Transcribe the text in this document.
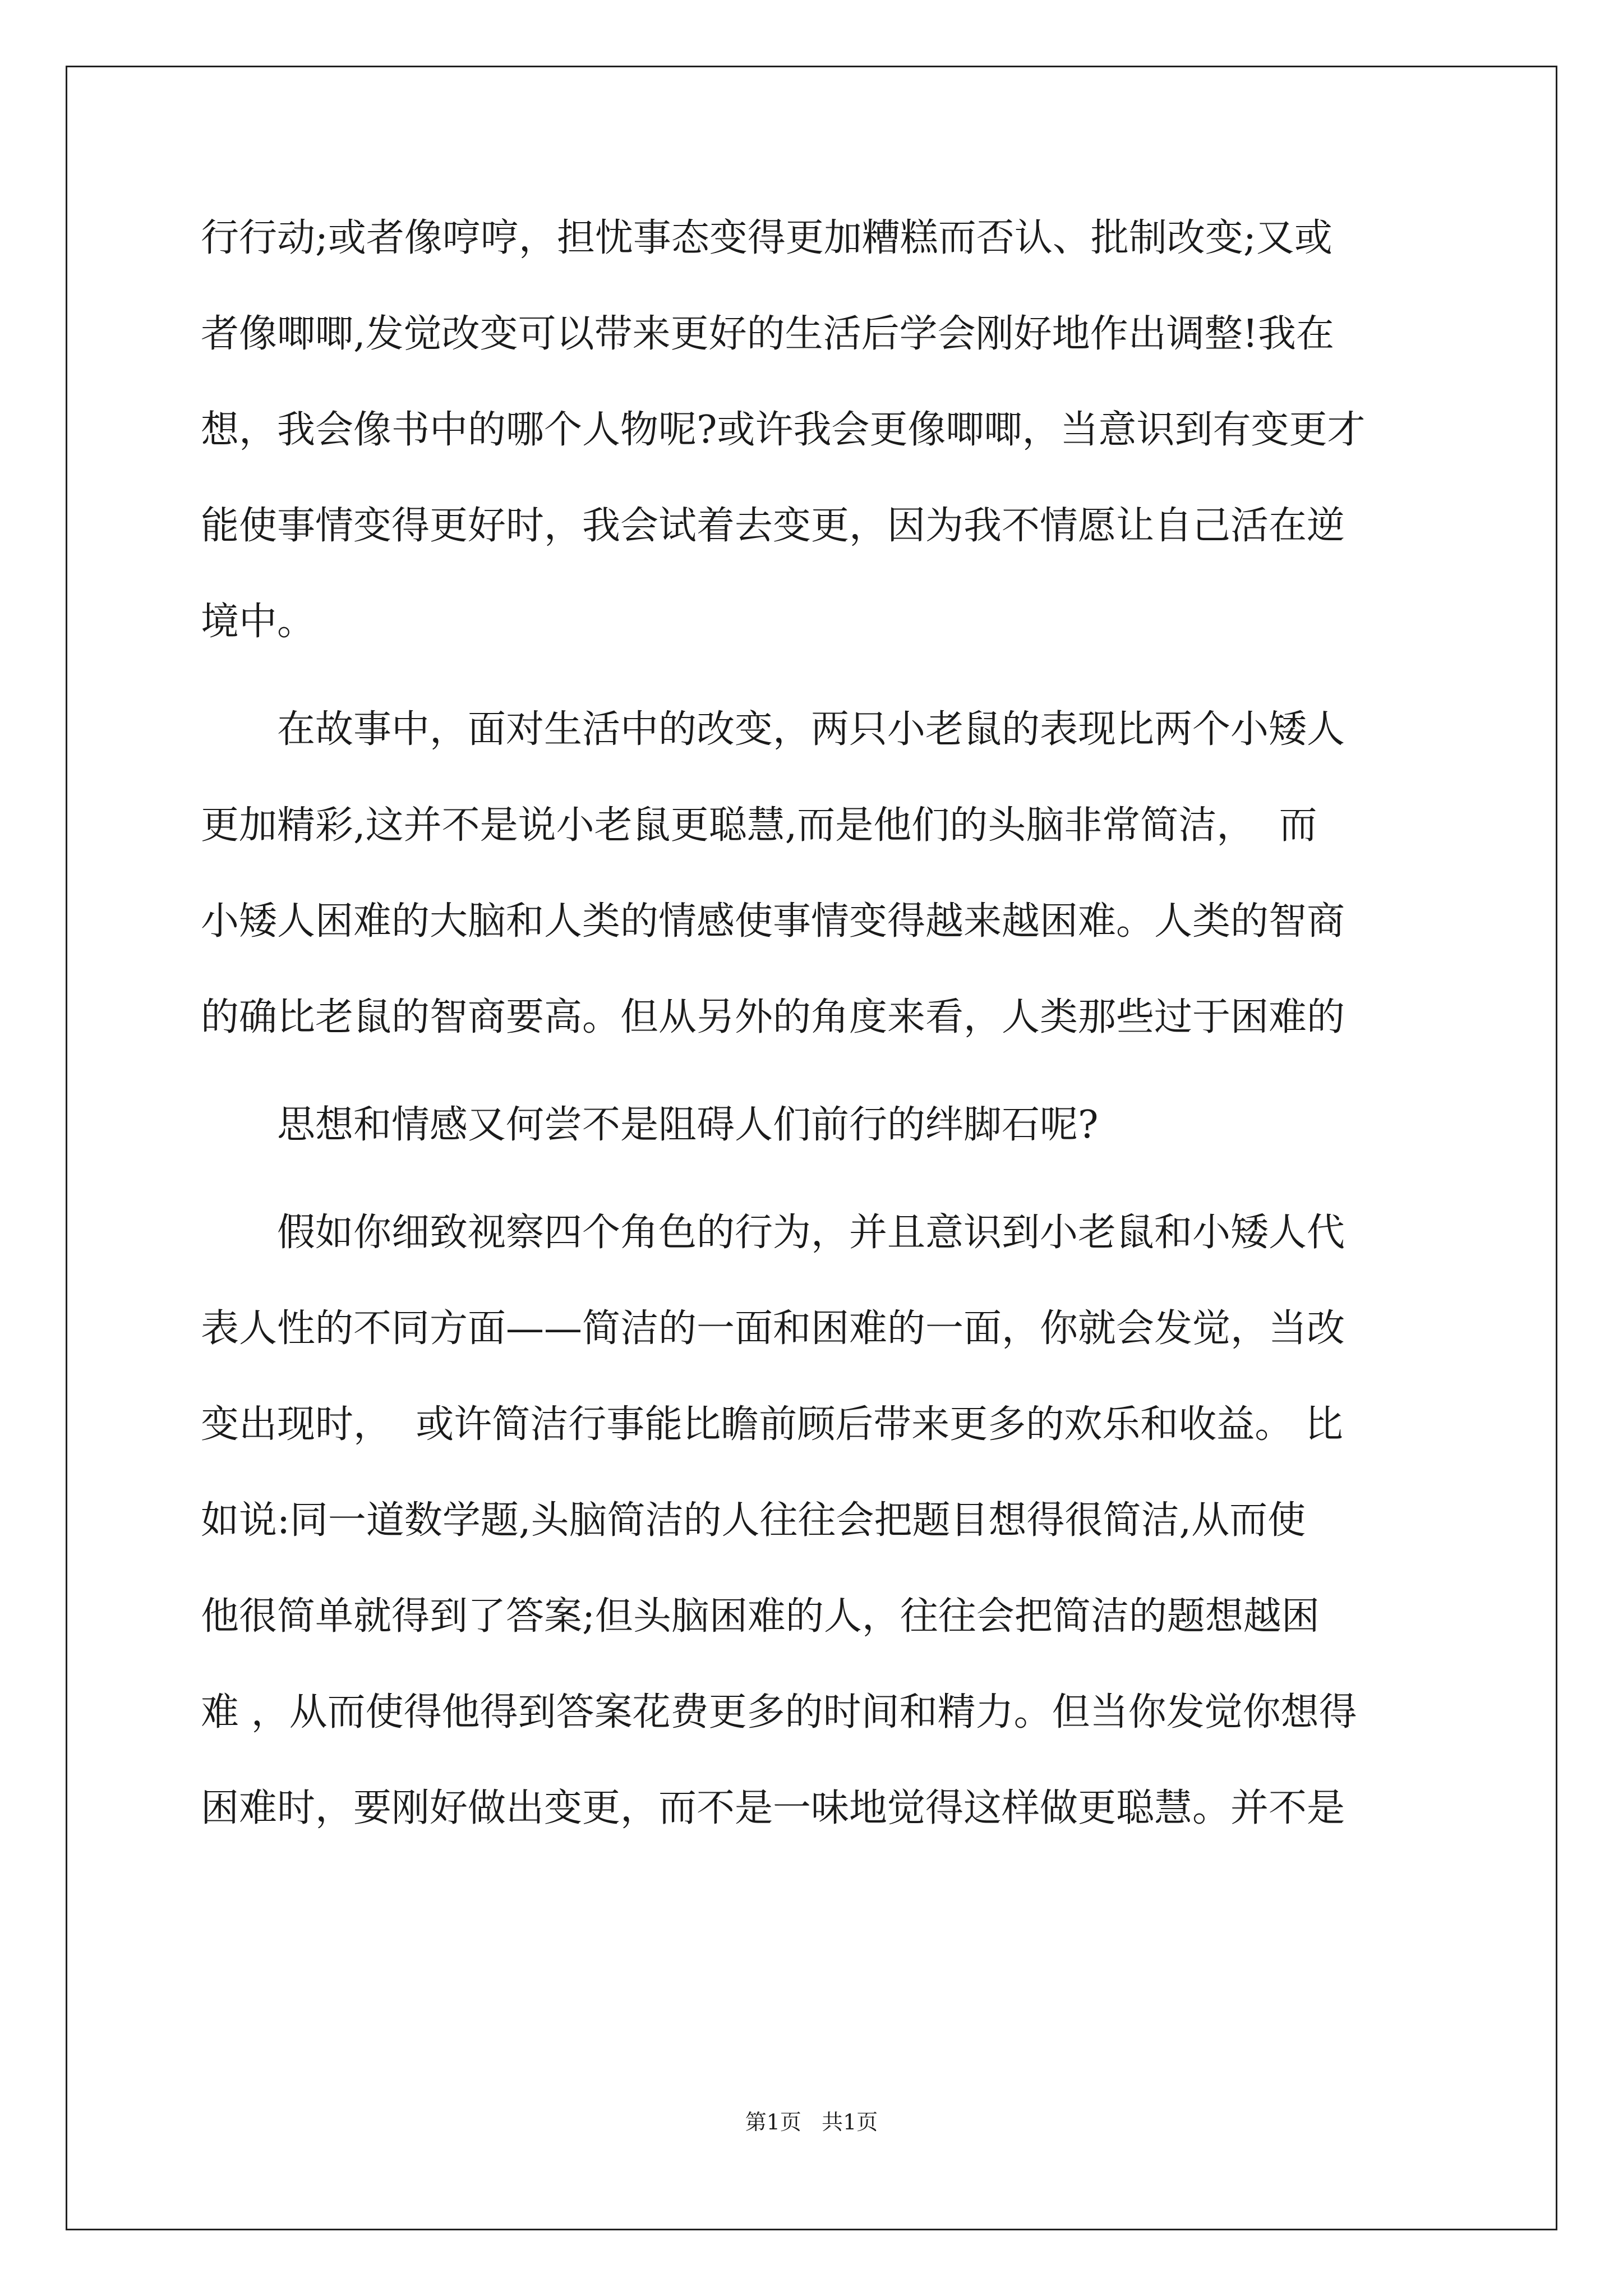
行行动;或者像哼哼，担忧事态变得更加糟糕而否认、批制改变;又或
者像唧唧,发觉改变可以带来更好的生活后学会刚好地作出调整!我在
想，我会像书中的哪个人物呢?或许我会更像唧唧，当意识到有变更才
能使事情变得更好时，我会试着去变更，因为我不情愿让自己活在逆
境中。
　　在故事中，面对生活中的改变，两只小老鼠的表现比两个小矮人
更加精彩,这并不是说小老鼠更聪慧,而是他们的头脑非常简洁，  而
小矮人困难的大脑和人类的情感使事情变得越来越困难。人类的智商
的确比老鼠的智商要高。但从另外的角度来看，人类那些过于困难的
　　思想和情感又何尝不是阻碍人们前行的绊脚石呢?
　　假如你细致视察四个角色的行为，并且意识到小老鼠和小矮人代
表人性的不同方面——简洁的一面和困难的一面，你就会发觉，当改
变出现时，  或许简洁行事能比瞻前顾后带来更多的欢乐和收益。 比
如说:同一道数学题,头脑简洁的人往往会把题目想得很简洁,从而使
他很简单就得到了答案;但头脑困难的人，往往会把简洁的题想越困
难 ，从而使得他得到答案花费更多的时间和精力。但当你发觉你想得
困难时，要刚好做出变更，而不是一味地觉得这样做更聪慧。并不是
第1页 共1页
